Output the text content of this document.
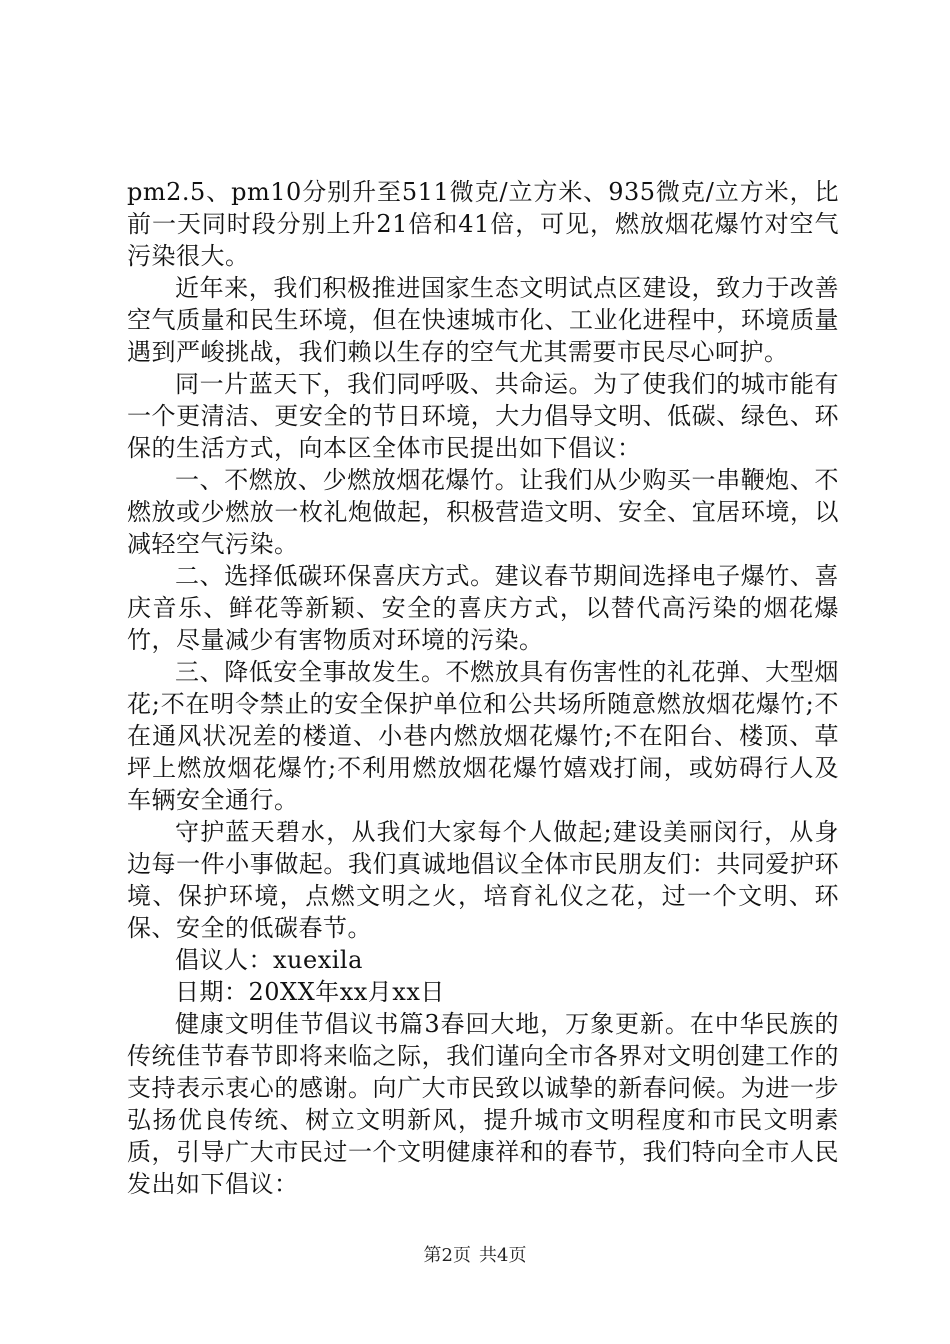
pm2.5、pm10分别升至511微克/立方米、935微克/立方米，比前一天同时段分别上升21倍和41倍，可见，燃放烟花爆竹对空气污染很大。

近年来，我们积极推进国家生态文明试点区建设，致力于改善空气质量和民生环境，但在快速城市化、工业化进程中，环境质量遇到严峻挑战，我们赖以生存的空气尤其需要市民尽心呵护。

同一片蓝天下，我们同呼吸、共命运。为了使我们的城市能有一个更清洁、更安全的节日环境，大力倡导文明、低碳、绿色、环保的生活方式，向本区全体市民提出如下倡议：

一、不燃放、少燃放烟花爆竹。让我们从少购买一串鞭炮、不燃放或少燃放一枚礼炮做起，积极营造文明、安全、宜居环境，以减轻空气污染。

二、选择低碳环保喜庆方式。建议春节期间选择电子爆竹、喜庆音乐、鲜花等新颖、安全的喜庆方式，以替代高污染的烟花爆竹，尽量减少有害物质对环境的污染。

三、降低安全事故发生。不燃放具有伤害性的礼花弹、大型烟花;不在明令禁止的安全保护单位和公共场所随意燃放烟花爆竹;不在通风状况差的楼道、小巷内燃放烟花爆竹;不在阳台、楼顶、草坪上燃放烟花爆竹;不利用燃放烟花爆竹嬉戏打闹，或妨碍行人及车辆安全通行。

守护蓝天碧水，从我们大家每个人做起;建设美丽闵行，从身边每一件小事做起。我们真诚地倡议全体市民朋友们：共同爱护环境、保护环境，点燃文明之火，培育礼仪之花，过一个文明、环保、安全的低碳春节。

倡议人：xuexila

日期：20XX年xx月xx日

健康文明佳节倡议书篇3春回大地，万象更新。在中华民族的传统佳节春节即将来临之际，我们谨向全市各界对文明创建工作的支持表示衷心的感谢。向广大市民致以诚挚的新春问候。为进一步弘扬优良传统、树立文明新风，提升城市文明程度和市民文明素质，引导广大市民过一个文明健康祥和的春节，我们特向全市人民发出如下倡议：

第2页 共4页
